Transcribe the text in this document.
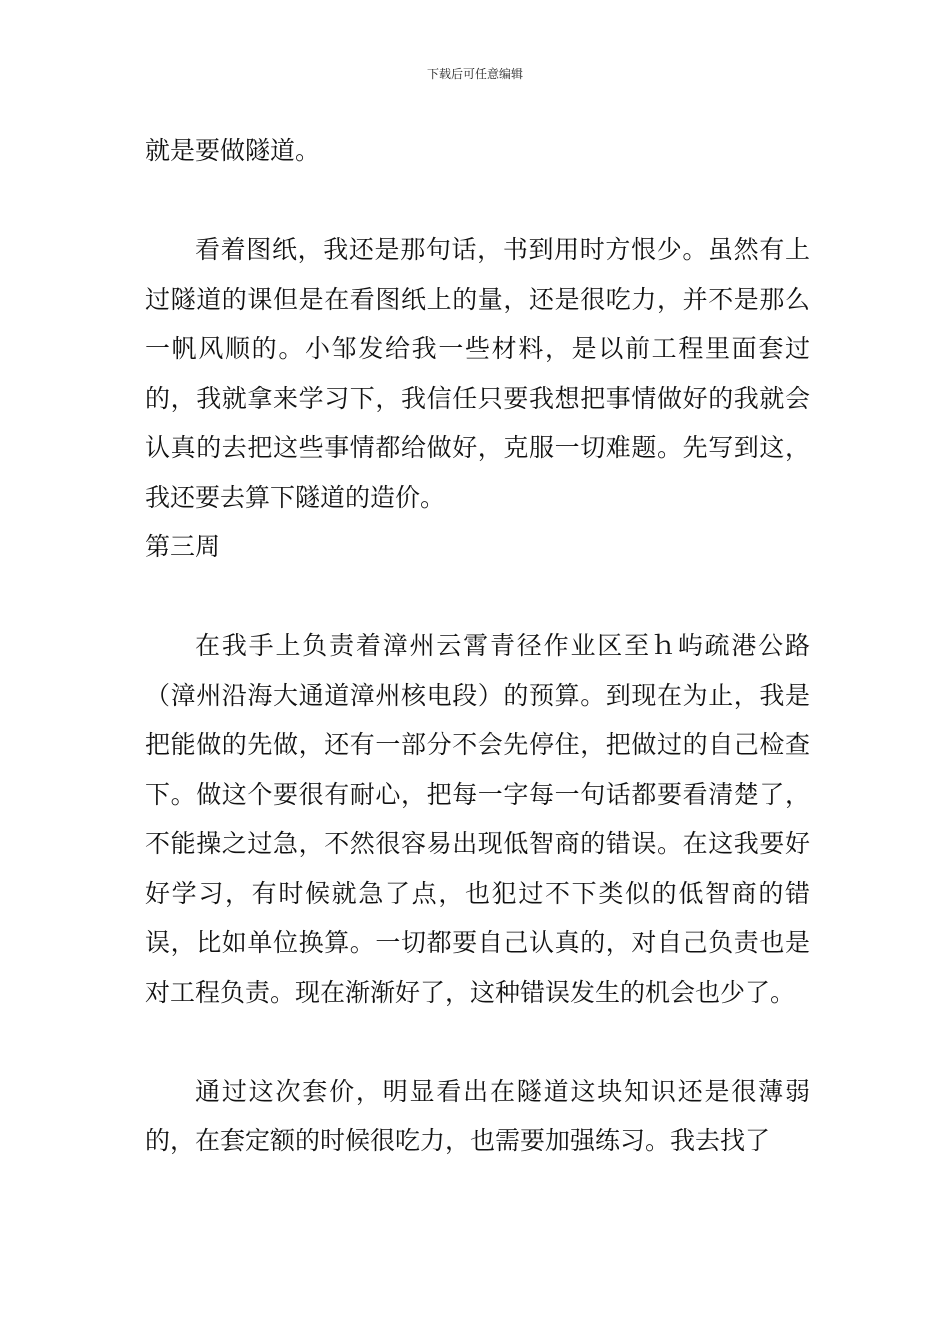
下载后可任意编辑

就是要做隧道。

看着图纸，我还是那句话，书到用时方恨少。虽然有上过隧道的课但是在看图纸上的量，还是很吃力，并不是那么一帆风顺的。小邹发给我一些材料，是以前工程里面套过的，我就拿来学习下，我信任只要我想把事情做好的我就会认真的去把这些事情都给做好，克服一切难题。先写到这，我还要去算下隧道的造价。

第三周

在我手上负责着漳州云霄青径作业区至ｈ屿疏港公路（漳州沿海大通道漳州核电段）的预算。到现在为止，我是把能做的先做，还有一部分不会先停住，把做过的自己检查下。做这个要很有耐心，把每一字每一句话都要看清楚了，不能操之过急，不然很容易出现低智商的错误。在这我要好好学习，有时候就急了点，也犯过不下类似的低智商的错误，比如单位换算。一切都要自己认真的，对自己负责也是对工程负责。现在渐渐好了，这种错误发生的机会也少了。

通过这次套价，明显看出在隧道这块知识还是很薄弱的，在套定额的时候很吃力，也需要加强练习。我去找了
